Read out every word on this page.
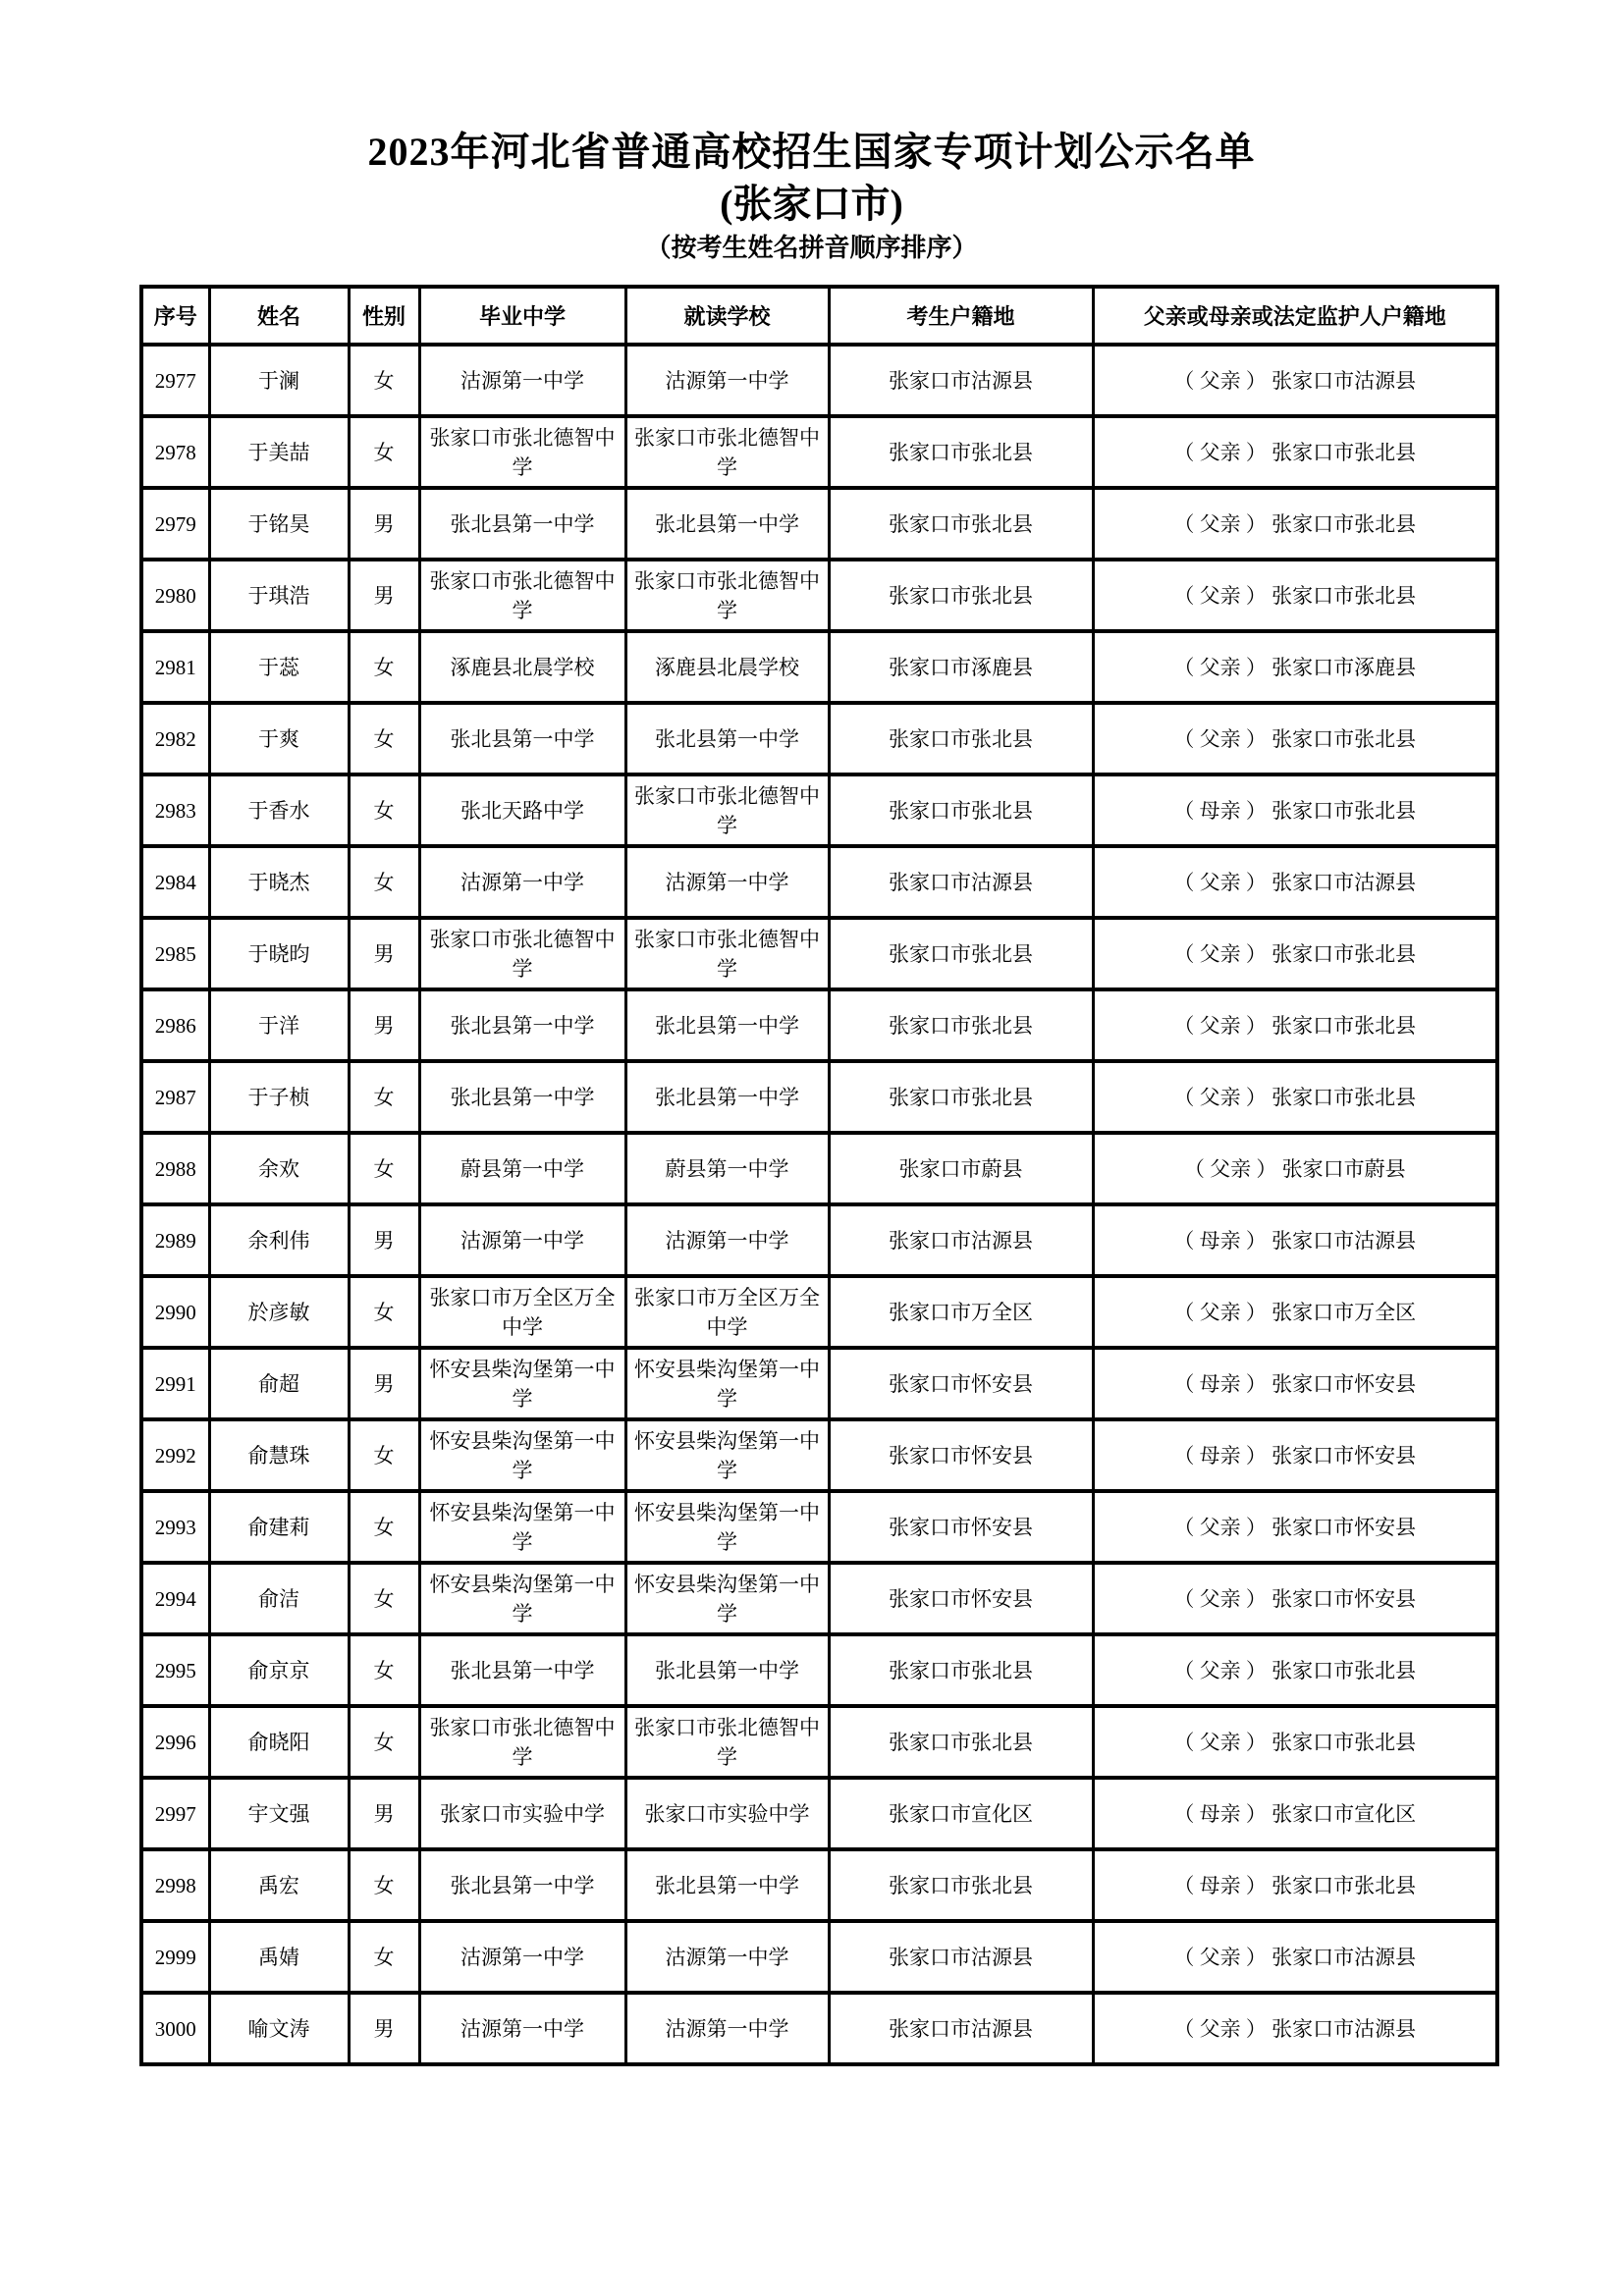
2023年河北省普通高校招生国家专项计划公示名单

(张家口市)

（按考生姓名拼音顺序排序）

序号	姓名	性别	毕业中学	就读学校	考生户籍地	父亲或母亲或法定监护人户籍地
2977	于澜	女	沽源第一中学	沽源第一中学	张家口市沽源县	（ 父亲 ） 张家口市沽源县
2978	于美喆	女	张家口市张北德智中学	张家口市张北德智中学	张家口市张北县	（ 父亲 ） 张家口市张北县
2979	于铭昊	男	张北县第一中学	张北县第一中学	张家口市张北县	（ 父亲 ） 张家口市张北县
2980	于琪浩	男	张家口市张北德智中学	张家口市张北德智中学	张家口市张北县	（ 父亲 ） 张家口市张北县
2981	于蕊	女	涿鹿县北晨学校	涿鹿县北晨学校	张家口市涿鹿县	（ 父亲 ） 张家口市涿鹿县
2982	于爽	女	张北县第一中学	张北县第一中学	张家口市张北县	（ 父亲 ） 张家口市张北县
2983	于香水	女	张北天路中学	张家口市张北德智中学	张家口市张北县	（ 母亲 ） 张家口市张北县
2984	于晓杰	女	沽源第一中学	沽源第一中学	张家口市沽源县	（ 父亲 ） 张家口市沽源县
2985	于晓昀	男	张家口市张北德智中学	张家口市张北德智中学	张家口市张北县	（ 父亲 ） 张家口市张北县
2986	于洋	男	张北县第一中学	张北县第一中学	张家口市张北县	（ 父亲 ） 张家口市张北县
2987	于子桢	女	张北县第一中学	张北县第一中学	张家口市张北县	（ 父亲 ） 张家口市张北县
2988	余欢	女	蔚县第一中学	蔚县第一中学	张家口市蔚县	（ 父亲 ） 张家口市蔚县
2989	余利伟	男	沽源第一中学	沽源第一中学	张家口市沽源县	（ 母亲 ） 张家口市沽源县
2990	於彦敏	女	张家口市万全区万全中学	张家口市万全区万全中学	张家口市万全区	（ 父亲 ） 张家口市万全区
2991	俞超	男	怀安县柴沟堡第一中学	怀安县柴沟堡第一中学	张家口市怀安县	（ 母亲 ） 张家口市怀安县
2992	俞慧珠	女	怀安县柴沟堡第一中学	怀安县柴沟堡第一中学	张家口市怀安县	（ 母亲 ） 张家口市怀安县
2993	俞建莉	女	怀安县柴沟堡第一中学	怀安县柴沟堡第一中学	张家口市怀安县	（ 父亲 ） 张家口市怀安县
2994	俞洁	女	怀安县柴沟堡第一中学	怀安县柴沟堡第一中学	张家口市怀安县	（ 父亲 ） 张家口市怀安县
2995	俞京京	女	张北县第一中学	张北县第一中学	张家口市张北县	（ 父亲 ） 张家口市张北县
2996	俞晓阳	女	张家口市张北德智中学	张家口市张北德智中学	张家口市张北县	（ 父亲 ） 张家口市张北县
2997	宇文强	男	张家口市实验中学	张家口市实验中学	张家口市宣化区	（ 母亲 ） 张家口市宣化区
2998	禹宏	女	张北县第一中学	张北县第一中学	张家口市张北县	（ 母亲 ） 张家口市张北县
2999	禹婧	女	沽源第一中学	沽源第一中学	张家口市沽源县	（ 父亲 ） 张家口市沽源县
3000	喻文涛	男	沽源第一中学	沽源第一中学	张家口市沽源县	（ 父亲 ） 张家口市沽源县
